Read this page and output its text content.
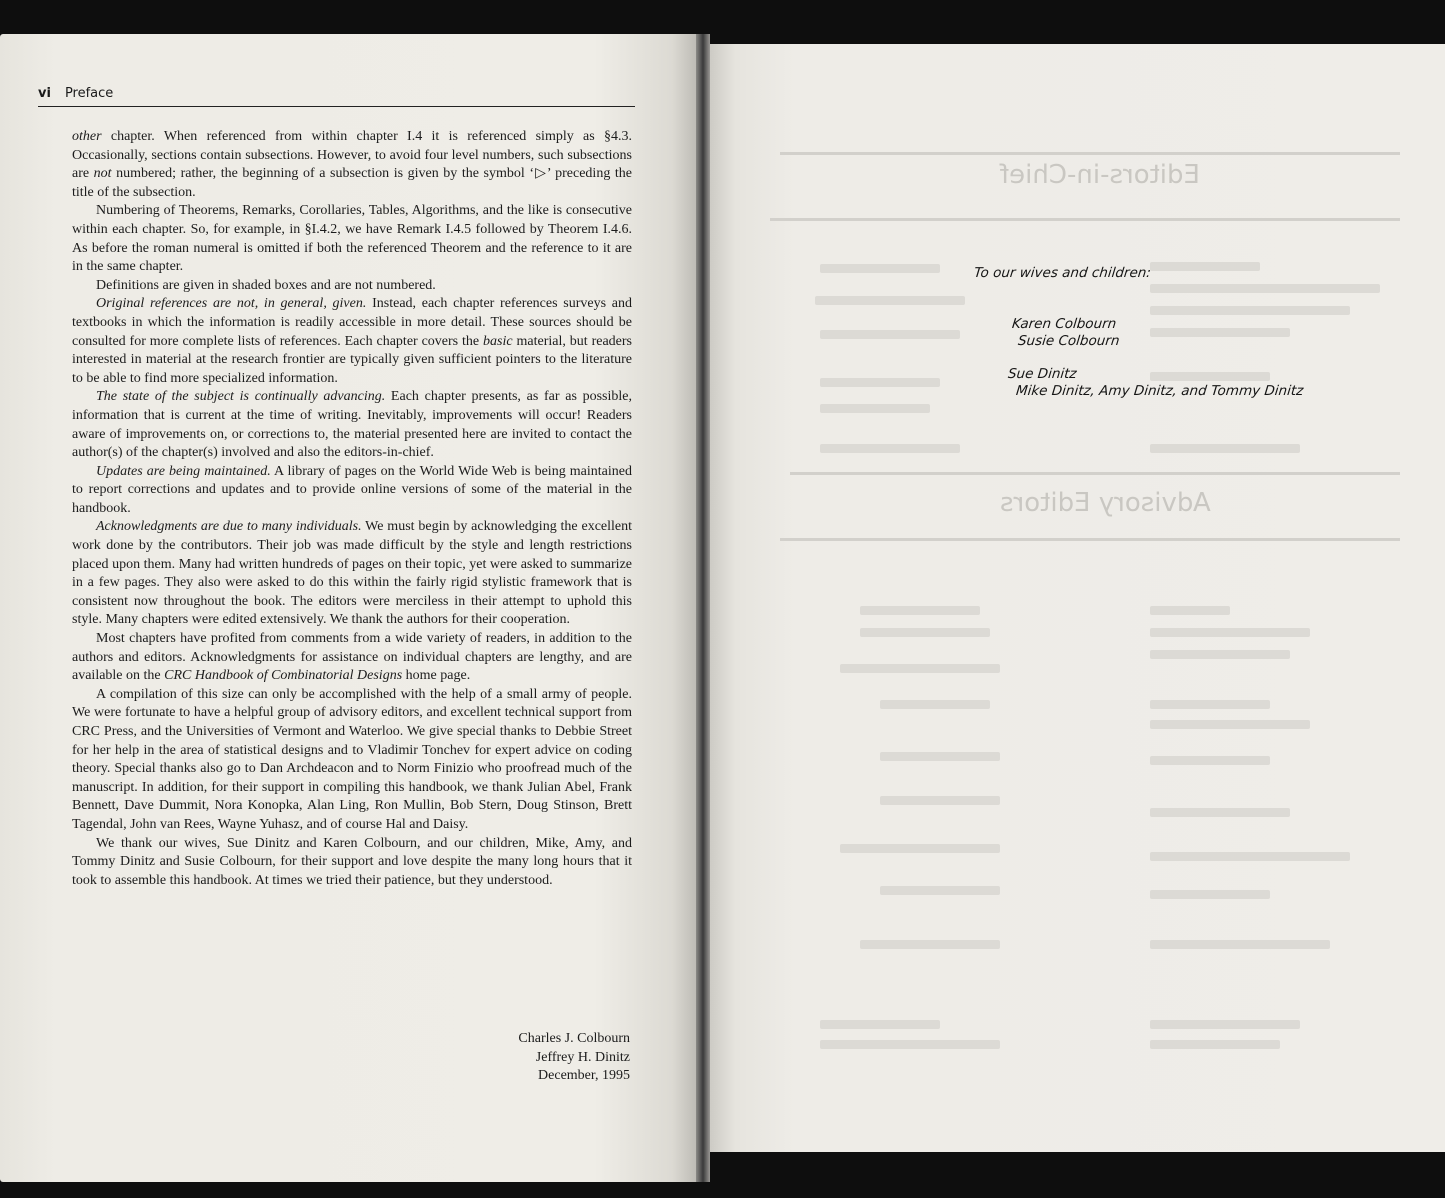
vi Preface

other chapter. When referenced from within chapter I.4 it is referenced simply as §4.3. Occasionally, sections contain subsections. However, to avoid four level numbers, such subsections are not numbered; rather, the beginning of a subsection is given by the symbol ‘▷’ preceding the title of the subsection.

Numbering of Theorems, Remarks, Corollaries, Tables, Algorithms, and the like is consecutive within each chapter. So, for example, in §I.4.2, we have Remark I.4.5 followed by Theorem I.4.6. As before the roman numeral is omitted if both the referenced Theorem and the reference to it are in the same chapter.

Definitions are given in shaded boxes and are not numbered.

Original references are not, in general, given. Instead, each chapter references surveys and textbooks in which the information is readily accessible in more detail. These sources should be consulted for more complete lists of references. Each chapter covers the basic material, but readers interested in material at the research frontier are typically given sufficient pointers to the literature to be able to find more specialized information.

The state of the subject is continually advancing. Each chapter presents, as far as possible, information that is current at the time of writing. Inevitably, improvements will occur! Readers aware of improvements on, or corrections to, the material presented here are invited to contact the author(s) of the chapter(s) involved and also the editors-in-chief.

Updates are being maintained. A library of pages on the World Wide Web is being maintained to report corrections and updates and to provide online versions of some of the material in the handbook.

Acknowledgments are due to many individuals. We must begin by acknowledging the excellent work done by the contributors. Their job was made difficult by the style and length restrictions placed upon them. Many had written hundreds of pages on their topic, yet were asked to summarize in a few pages. They also were asked to do this within the fairly rigid stylistic framework that is consistent now throughout the book. The editors were merciless in their attempt to uphold this style. Many chapters were edited extensively. We thank the authors for their cooperation.

Most chapters have profited from comments from a wide variety of readers, in addition to the authors and editors. Acknowledgments for assistance on individual chapters are lengthy, and are available on the CRC Handbook of Combinatorial Designs home page.

A compilation of this size can only be accomplished with the help of a small army of people. We were fortunate to have a helpful group of advisory editors, and excellent technical support from CRC Press, and the Universities of Vermont and Waterloo. We give special thanks to Debbie Street for her help in the area of statistical designs and to Vladimir Tonchev for expert advice on coding theory. Special thanks also go to Dan Archdeacon and to Norm Finizio who proofread much of the manuscript. In addition, for their support in compiling this handbook, we thank Julian Abel, Frank Bennett, Dave Dummit, Nora Konopka, Alan Ling, Ron Mullin, Bob Stern, Doug Stinson, Brett Tagendal, John van Rees, Wayne Yuhasz, and of course Hal and Daisy.

We thank our wives, Sue Dinitz and Karen Colbourn, and our children, Mike, Amy, and Tommy Dinitz and Susie Colbourn, for their support and love despite the many long hours that it took to assemble this handbook. At times we tried their patience, but they understood.

Charles J. Colbourn
Jeffrey H. Dinitz
December, 1995
Editors-in-Chief
Advisory Editors
To our wives and children:
Karen Colbourn
Susie Colbourn
Sue Dinitz
Mike Dinitz, Amy Dinitz, and Tommy Dinitz
